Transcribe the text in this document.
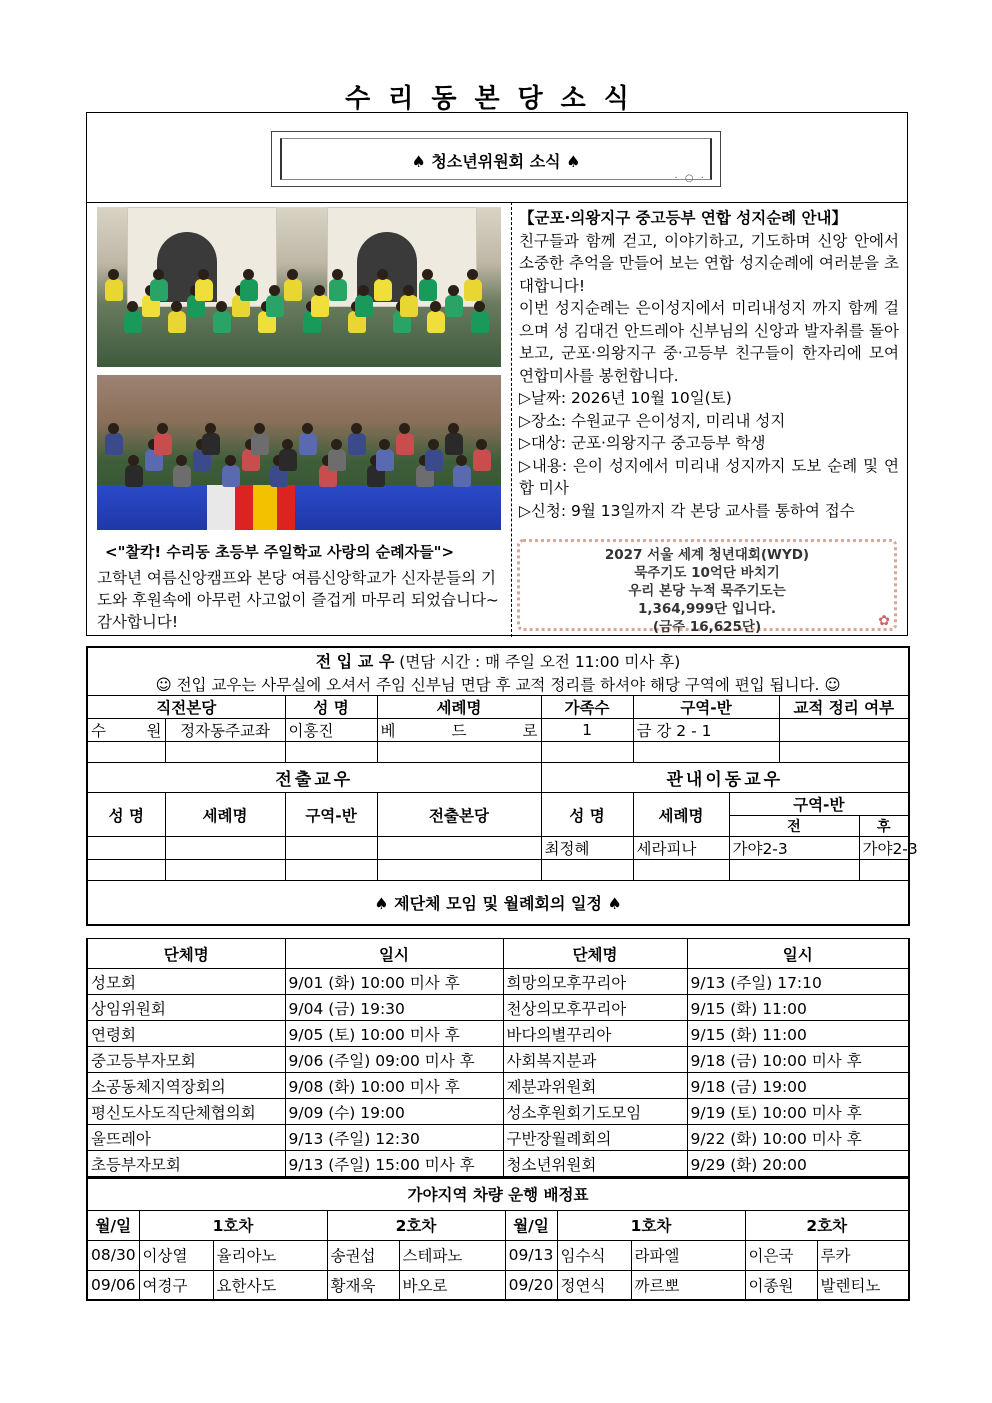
수리동본당소식
♠ 청소년위원회 소식 ♠
· ○ ·
<"찰칵! 수리동 초등부 주일학교 사랑의 순례자들">
고학년 여름신앙캠프와 본당 여름신앙학교가 신자분들의 기도와 후원속에 아무런 사고없이 즐겁게 마무리 되었습니다~ 감사합니다!

【군포·의왕지구 중고등부 연합 성지순례 안내】

친구들과 함께 걷고, 이야기하고, 기도하며 신앙 안에서 소중한 추억을 만들어 보는 연합 성지순례에 여러분을 초대합니다!

이번 성지순례는 은이성지에서 미리내성지 까지 함께 걸으며 성 김대건 안드레아 신부님의 신앙과 발자취를 돌아보고, 군포·의왕지구 중·고등부 친구들이 한자리에 모여 연합미사를 봉헌합니다.

▷날짜: 2026년 10월 10일(토)

▷장소: 수원교구 은이성지, 미리내 성지

▷대상: 군포·의왕지구 중고등부 학생

▷내용: 은이 성지에서 미리내 성지까지 도보 순례 및 연합 미사

▷신청: 9월 13일까지 각 본당 교사를 통하여 접수

2027 서울 세계 청년대회(WYD)
묵주기도 10억단 바치기
우리 본당 누적 묵주기도는
1,364,999단 입니다.
(금주 16,625단)	✿
전 입 교 우 (면담 시간 : 매 주일 오전 11:00 미사 후)								
☺ 전입 교우는 사무실에 오셔서 주임 신부님 면담 후 교적 정리를 하셔야 해당 구역에 편입 됩니다. ☺								
직전본당		성 명	세례명	가족수	구역-반		교적 정리 여부	
수 원	정자동주교좌	이홍진	베 드 로	1	금 강 2 - 1			

전출교우				관내이동교우				
성 명	세례명	구역-반	전출본당	성 명	세례명	구역-반		
						전		후
				최정혜	세라피나	가야2-3		가야2-3

♠ 제단체 모임 및 월례회의 일정 ♠								
단체명	일시	단체명	일시
성모회	9/01 (화) 10:00 미사 후	희망의모후꾸리아	9/13 (주일) 17:10
상임위원회	9/04 (금) 19:30	천상의모후꾸리아	9/15 (화) 11:00
연령회	9/05 (토) 10:00 미사 후	바다의별꾸리아	9/15 (화) 11:00
중고등부자모회	9/06 (주일) 09:00 미사 후	사회복지분과	9/18 (금) 10:00 미사 후
소공동체지역장회의	9/08 (화) 10:00 미사 후	제분과위원회	9/18 (금) 19:00
평신도사도직단체협의회	9/09 (수) 19:00	성소후원회기도모임	9/19 (토) 10:00 미사 후
울뜨레아	9/13 (주일) 12:30	구반장월례회의	9/22 (화) 10:00 미사 후
초등부자모회	9/13 (주일) 15:00 미사 후	청소년위원회	9/29 (화) 20:00
가야지역 차량 운행 배정표									
월/일	1호차		2호차		월/일	1호차		2호차	
08/30	이상열	율리아노	송권섭	스테파노	09/13	임수식	라파엘	이은국	루카
09/06	여경구	요한사도	황재욱	바오로	09/20	정연식	까르뽀	이종원	발렌티노
